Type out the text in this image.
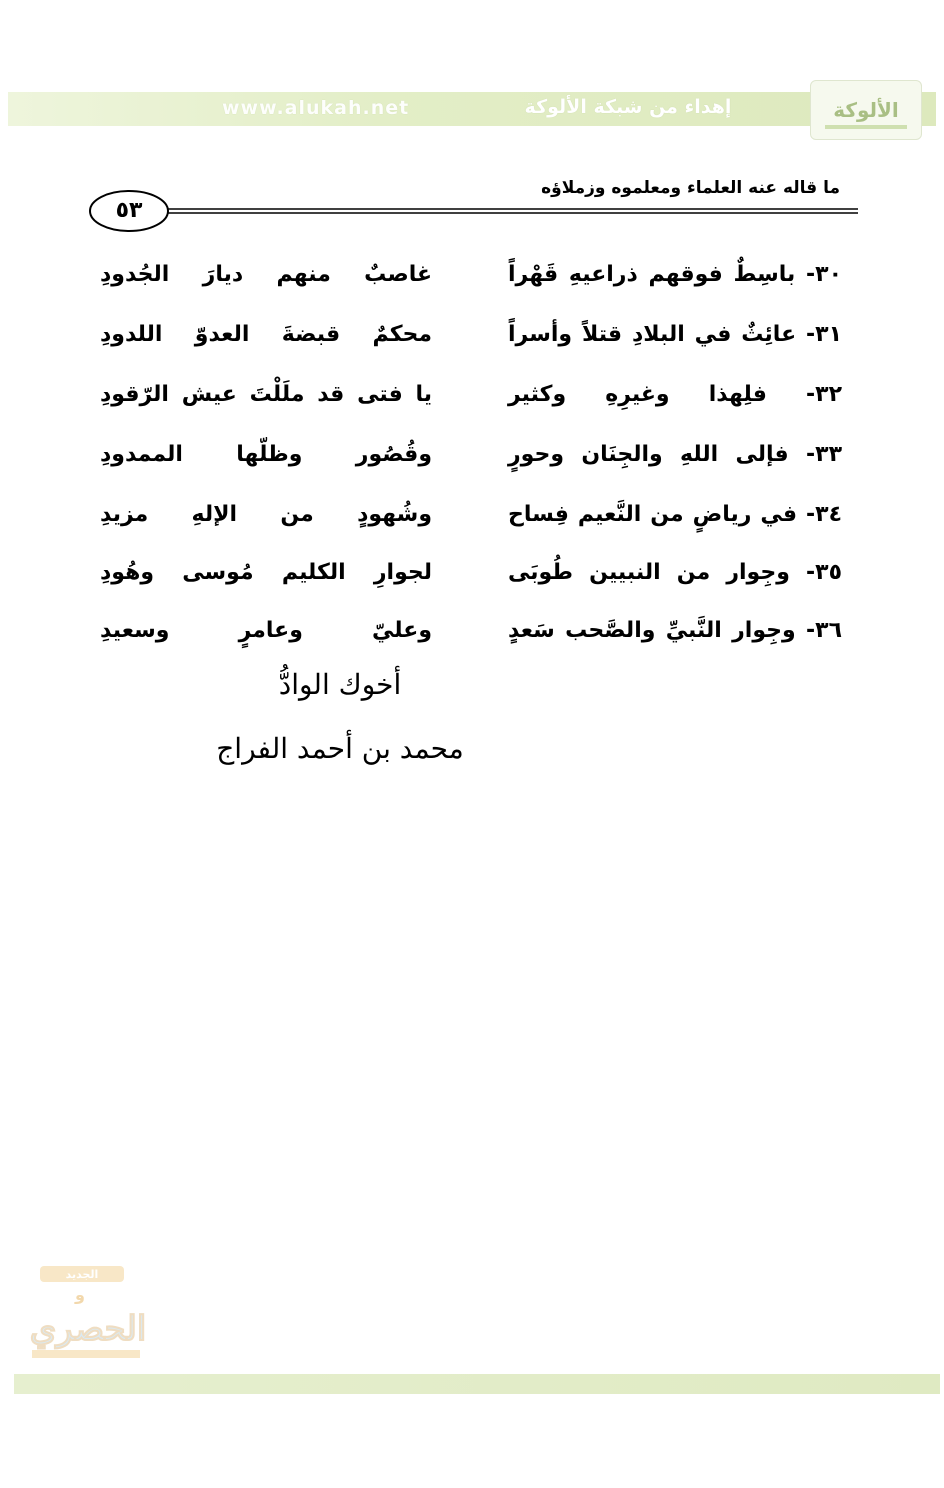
www.alukah.net	إهداء من شبكة الألوكة	الألوكة
ما قاله عنه العلماء ومعلموه وزملاؤه
٥٣
٣٠- باسِطٌ فوقهم ذراعيهِ قَهْراً
غاصبٌ منهم ديارَ الجُدودِ
٣١- عائِثٌ في البلادِ قتلاً وأسراً
محكمٌ قبضةَ العدوّ اللدودِ
٣٢- فلِهذا وغيرِهِ وكثير
يا فتى قد ملَلْتَ عيش الرّقودِ
٣٣- فإلى اللهِ والجِنَان وحورٍ
وقُصُور وظلّها الممدودِ
٣٤- في رياضٍ من النَّعيم فِساح
وشُهودٍ من الإلهِ مزيدِ
٣٥- وجِوار من النبيين طُوبَى
لجوارِ الكليم مُوسى وهُودِ
٣٦- وجِوار النَّبيِّ والصَّحب سَعدٍ
وعليّ وعامرٍ وسعيدِ
أخوك الوادُّ
محمد بن أحمد الفراج
الجديد
و
الحصري
